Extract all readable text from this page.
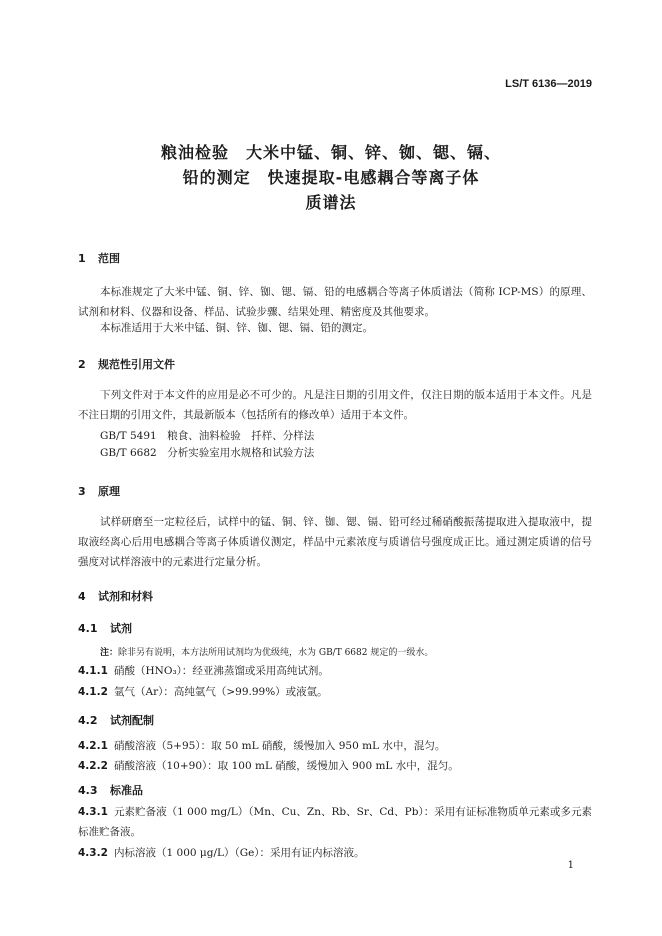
LS/T 6136—2019
粮油检验　大米中锰、铜、锌、铷、锶、镉、
铅的测定　快速提取-电感耦合等离子体
质谱法
1 范围
本标准规定了大米中锰、铜、锌、铷、锶、镉、铅的电感耦合等离子体质谱法（简称 ICP-MS）的原理、试剂和材料、仪器和设备、样品、试验步骤、结果处理、精密度及其他要求。
本标准适用于大米中锰、铜、锌、铷、锶、镉、铅的测定。
2 规范性引用文件
下列文件对于本文件的应用是必不可少的。凡是注日期的引用文件，仅注日期的版本适用于本文件。凡是不注日期的引用文件，其最新版本（包括所有的修改单）适用于本文件。
GB/T 5491　粮食、油料检验　扦样、分样法
GB/T 6682　分析实验室用水规格和试验方法
3 原理
试样研磨至一定粒径后，试样中的锰、铜、锌、铷、锶、镉、铅可经过稀硝酸振荡提取进入提取液中，提取液经离心后用电感耦合等离子体质谱仪测定，样品中元素浓度与质谱信号强度成正比。通过测定质谱的信号强度对试样溶液中的元素进行定量分析。
4 试剂和材料
4.1 试剂
注：除非另有说明，本方法所用试剂均为优级纯，水为 GB/T 6682 规定的一级水。
4.1.1 硝酸（HNO₃）：经亚沸蒸馏或采用高纯试剂。
4.1.2 氩气（Ar）：高纯氩气（>99.99%）或液氩。
4.2 试剂配制
4.2.1 硝酸溶液（5+95）：取 50 mL 硝酸，缓慢加入 950 mL 水中，混匀。
4.2.2 硝酸溶液（10+90）：取 100 mL 硝酸，缓慢加入 900 mL 水中，混匀。
4.3 标准品
4.3.1 元素贮备液（1 000 mg/L）（Mn、Cu、Zn、Rb、Sr、Cd、Pb）：采用有证标准物质单元素或多元素标准贮备液。
4.3.2 内标溶液（1 000 μg/L）（Ge）：采用有证内标溶液。
1
